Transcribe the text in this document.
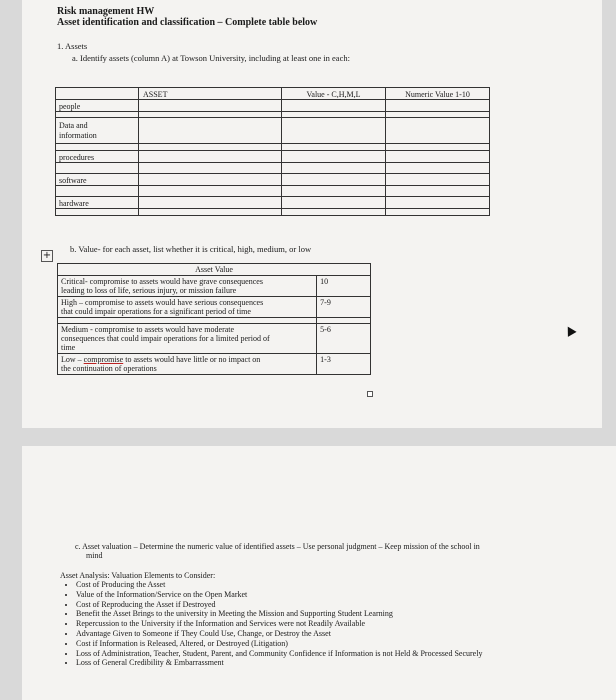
Risk management HW
Asset identification and classification – Complete table below
1. Assets
a. Identify assets (column A) at Towson University, including at least one in each:
	ASSET	Value - C,H,M,L	Numeric Value 1-10
people			

Data and
information			

procedures			

software			

hardware			

+
b. Value- for each asset, list whether it is critical, high, medium, or low
Asset Value	
Critical- compromise to assets would have grave consequences
leading to loss of life, serious injury, or mission failure	10
High – compromise to assets would have serious consequences
that could impair operations for a significant period of time	7-9

Medium - compromise to assets would have moderate
consequences that could impair operations for a limited period of
time	5-6
Low – compromise to assets would have little or no impact on
the continuation of operations	1-3
c. Asset valuation – Determine the numeric value of identified assets – Use personal judgment – Keep mission of the school in
mind
Asset Analysis: Valuation Elements to Consider:
• Cost of Producing the Asset
• Value of the Information/Service on the Open Market
• Cost of Reproducing the Asset if Destroyed
• Benefit the Asset Brings to the university in Meeting the Mission and Supporting Student Learning
• Repercussion to the University if the Information and Services were not Readily Available
• Advantage Given to Someone if They Could Use, Change, or Destroy the Asset
• Cost if Information is Released, Altered, or Destroyed (Litigation)
• Loss of Administration, Teacher, Student, Parent, and Community Confidence if Information is not Held & Processed Securely
• Loss of General Credibility & Embarrassment
